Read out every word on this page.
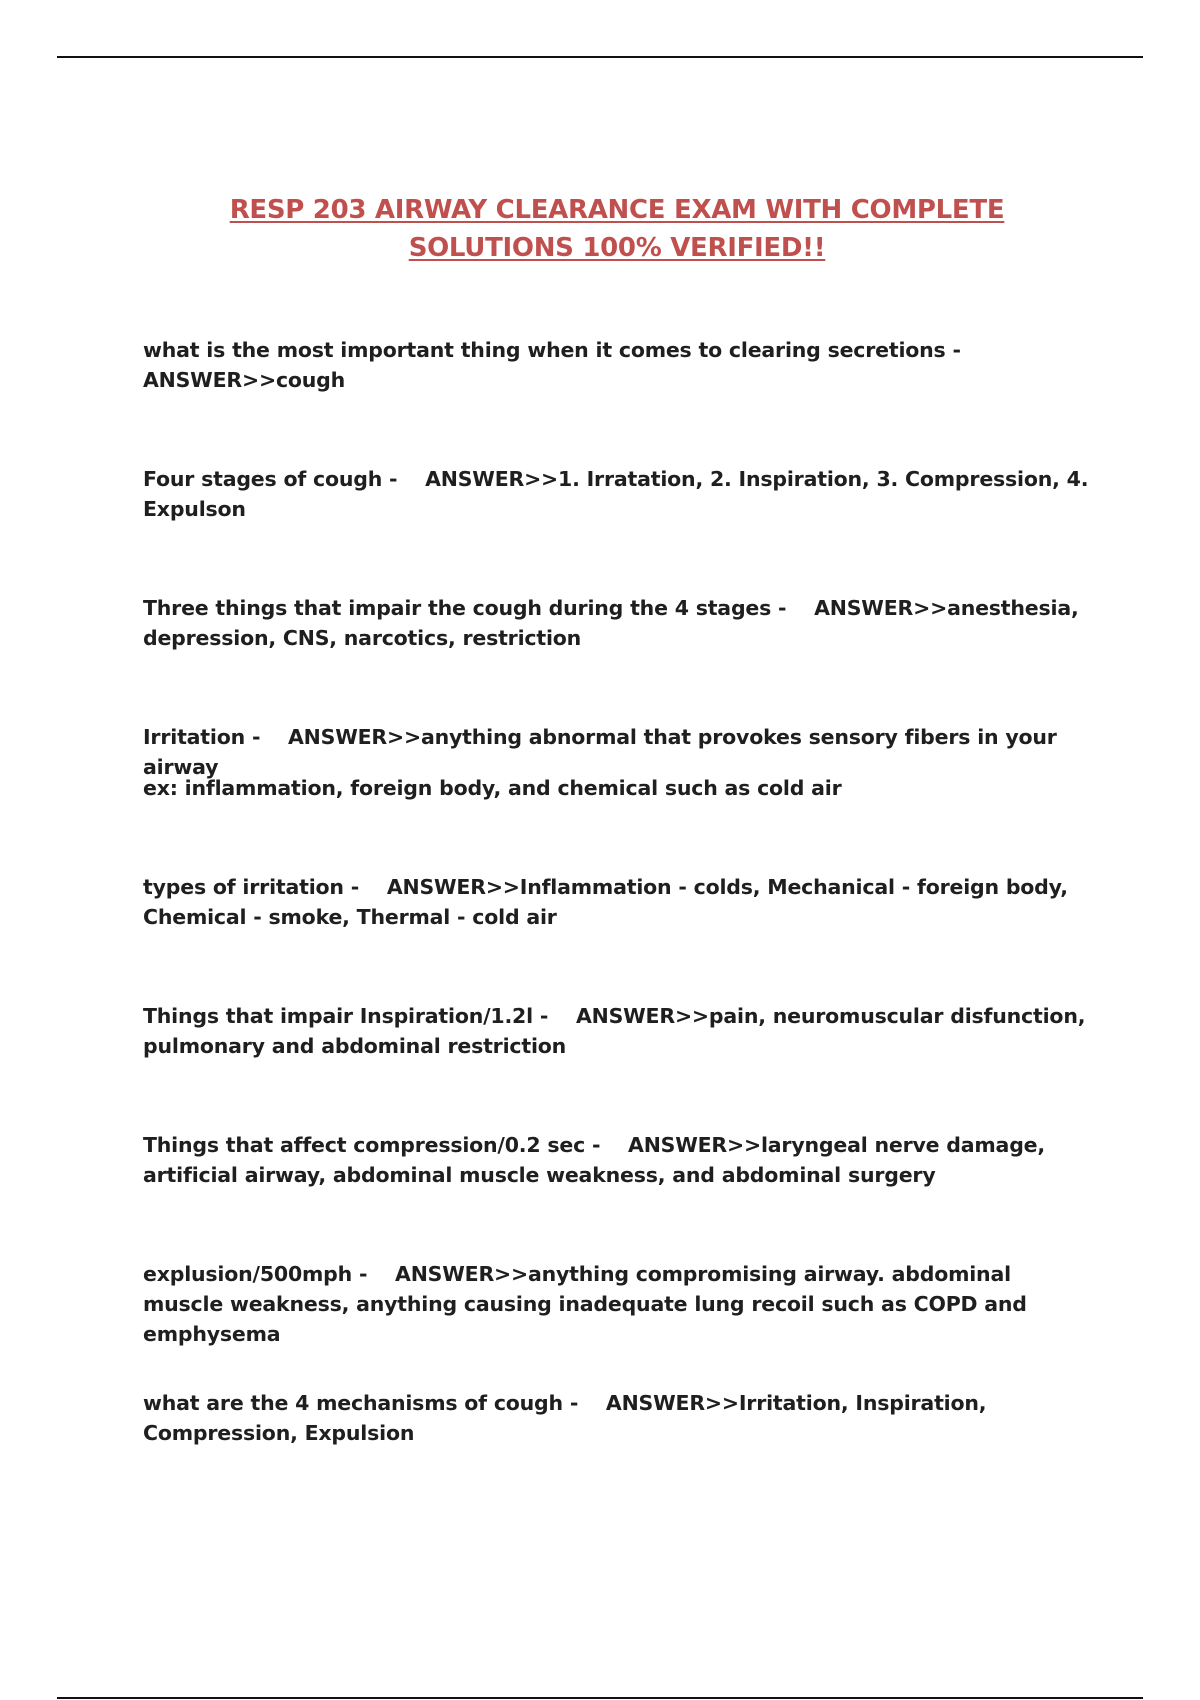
RESP 203 AIRWAY CLEARANCE EXAM WITH COMPLETE
SOLUTIONS 100% VERIFIED!!
what is the most important thing when it comes to clearing secretions -
ANSWER>>cough
Four stages of cough - ANSWER>>1. Irratation, 2. Inspiration, 3. Compression, 4. Expulson
Three things that impair the cough during the 4 stages - ANSWER>>anesthesia, depression, CNS, narcotics, restriction
Irritation - ANSWER>>anything abnormal that provokes sensory fibers in your airway
ex: inflammation, foreign body, and chemical such as cold air
types of irritation - ANSWER>>Inflammation - colds, Mechanical - foreign body, Chemical - smoke, Thermal - cold air
Things that impair Inspiration/1.2l - ANSWER>>pain, neuromuscular disfunction, pulmonary and abdominal restriction
Things that affect compression/0.2 sec - ANSWER>>laryngeal nerve damage, artificial airway, abdominal muscle weakness, and abdominal surgery
explusion/500mph - ANSWER>>anything compromising airway. abdominal muscle weakness, anything causing inadequate lung recoil such as COPD and emphysema
what are the 4 mechanisms of cough - ANSWER>>Irritation, Inspiration, Compression, Expulsion
